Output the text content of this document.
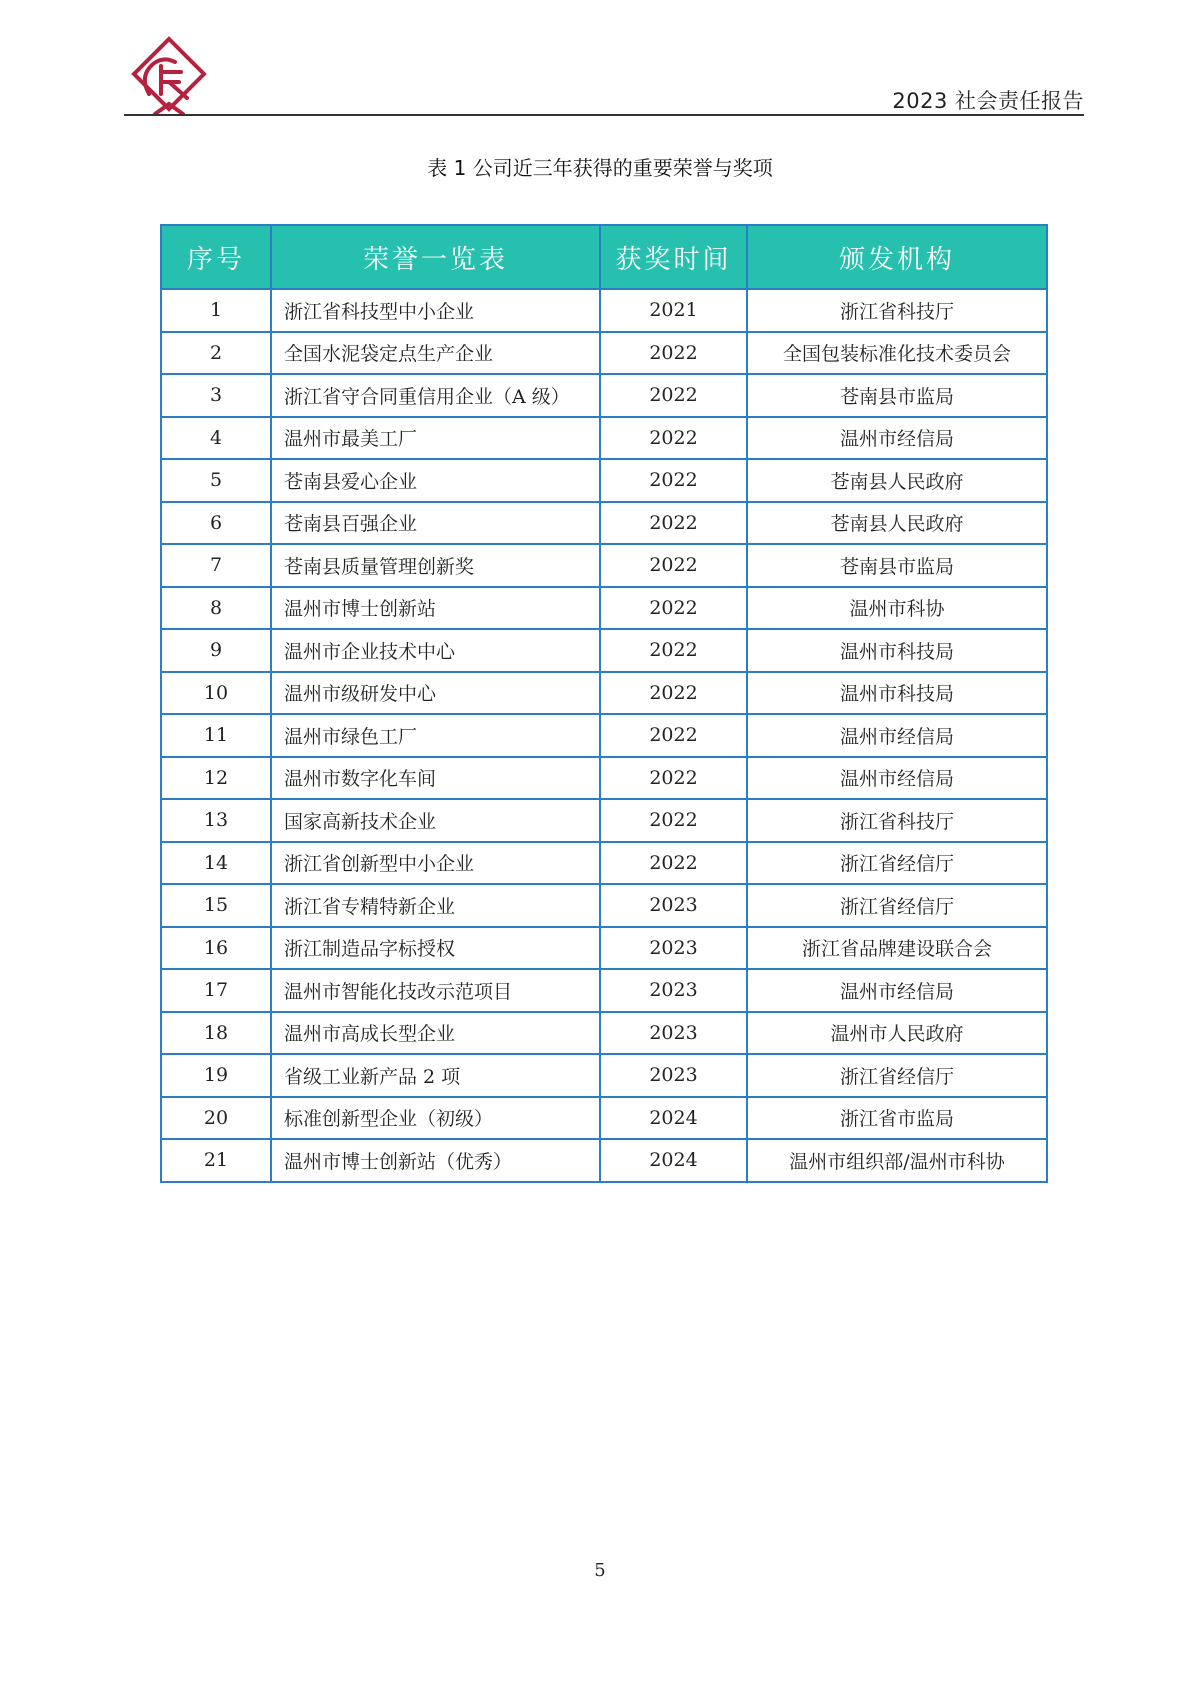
2023 社会责任报告
表 1 公司近三年获得的重要荣誉与奖项
序号	荣誉一览表	获奖时间	颁发机构
1	浙江省科技型中小企业	2021	浙江省科技厅
2	全国水泥袋定点生产企业	2022	全国包装标准化技术委员会
3	浙江省守合同重信用企业（A 级）	2022	苍南县市监局
4	温州市最美工厂	2022	温州市经信局
5	苍南县爱心企业	2022	苍南县人民政府
6	苍南县百强企业	2022	苍南县人民政府
7	苍南县质量管理创新奖	2022	苍南县市监局
8	温州市博士创新站	2022	温州市科协
9	温州市企业技术中心	2022	温州市科技局
10	温州市级研发中心	2022	温州市科技局
11	温州市绿色工厂	2022	温州市经信局
12	温州市数字化车间	2022	温州市经信局
13	国家高新技术企业	2022	浙江省科技厅
14	浙江省创新型中小企业	2022	浙江省经信厅
15	浙江省专精特新企业	2023	浙江省经信厅
16	浙江制造品字标授权	2023	浙江省品牌建设联合会
17	温州市智能化技改示范项目	2023	温州市经信局
18	温州市高成长型企业	2023	温州市人民政府
19	省级工业新产品 2 项	2023	浙江省经信厅
20	标准创新型企业（初级）	2024	浙江省市监局
21	温州市博士创新站（优秀）	2024	温州市组织部/温州市科协
5
